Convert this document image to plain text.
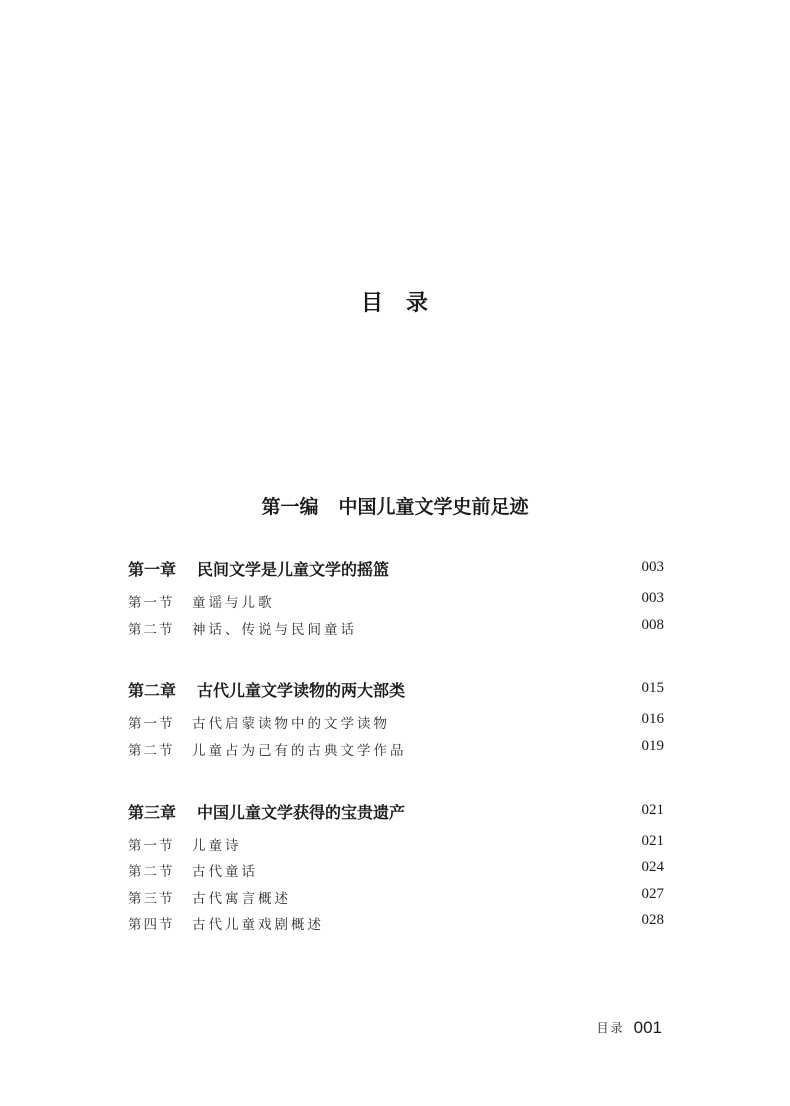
目 录
第一编 中国儿童文学史前足迹
第一章 民间文学是儿童文学的摇篮	003
第一节 童谣与儿歌	003
第二节 神话、传说与民间童话	008
第二章 古代儿童文学读物的两大部类	015
第一节 古代启蒙读物中的文学读物	016
第二节 儿童占为己有的古典文学作品	019
第三章 中国儿童文学获得的宝贵遗产	021
第一节 儿童诗	021
第二节 古代童话	024
第三节 古代寓言概述	027
第四节 古代儿童戏剧概述	028
目录 001
